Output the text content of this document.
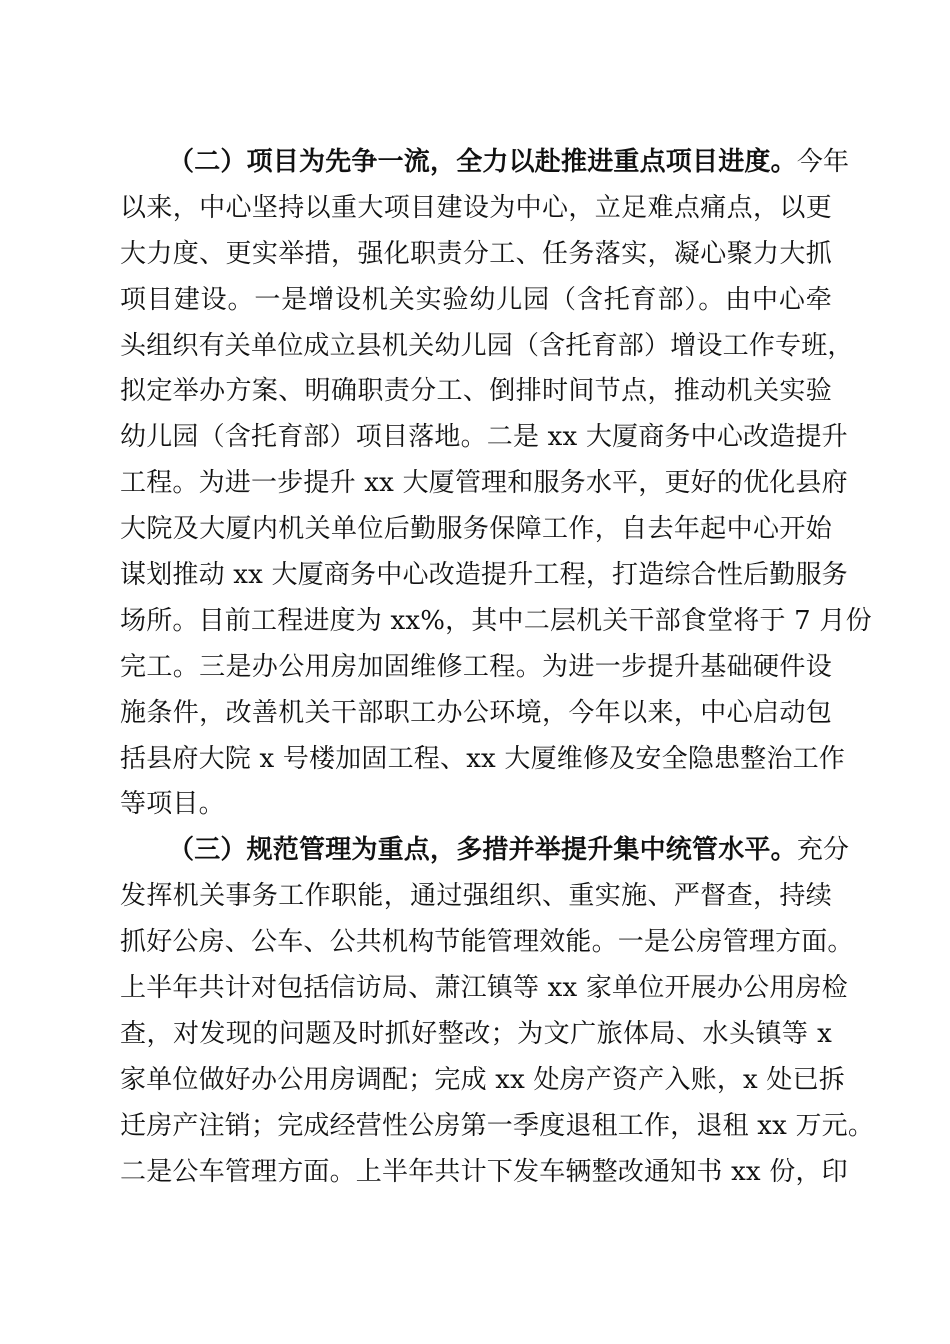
（二）项目为先争一流，全力以赴推进重点项目进度。今年
以来，中心坚持以重大项目建设为中心，立足难点痛点，以更
大力度、更实举措，强化职责分工、任务落实，凝心聚力大抓
项目建设。一是增设机关实验幼儿园（含托育部）。由中心牵
头组织有关单位成立县机关幼儿园（含托育部）增设工作专班，
拟定举办方案、明确职责分工、倒排时间节点，推动机关实验
幼儿园（含托育部）项目落地。二是 xx 大厦商务中心改造提升
工程。为进一步提升 xx 大厦管理和服务水平，更好的优化县府
大院及大厦内机关单位后勤服务保障工作，自去年起中心开始
谋划推动 xx 大厦商务中心改造提升工程，打造综合性后勤服务
场所。目前工程进度为 xx%，其中二层机关干部食堂将于 7 月份
完工。三是办公用房加固维修工程。为进一步提升基础硬件设
施条件，改善机关干部职工办公环境，今年以来，中心启动包
括县府大院 x 号楼加固工程、xx 大厦维修及安全隐患整治工作
等项目。
（三）规范管理为重点，多措并举提升集中统管水平。充分
发挥机关事务工作职能，通过强组织、重实施、严督查，持续
抓好公房、公车、公共机构节能管理效能。一是公房管理方面。
上半年共计对包括信访局、萧江镇等 xx 家单位开展办公用房检
查，对发现的问题及时抓好整改；为文广旅体局、水头镇等 x
家单位做好办公用房调配；完成 xx 处房产资产入账，x 处已拆
迁房产注销；完成经营性公房第一季度退租工作，退租 xx 万元。
二是公车管理方面。上半年共计下发车辆整改通知书 xx 份，印
